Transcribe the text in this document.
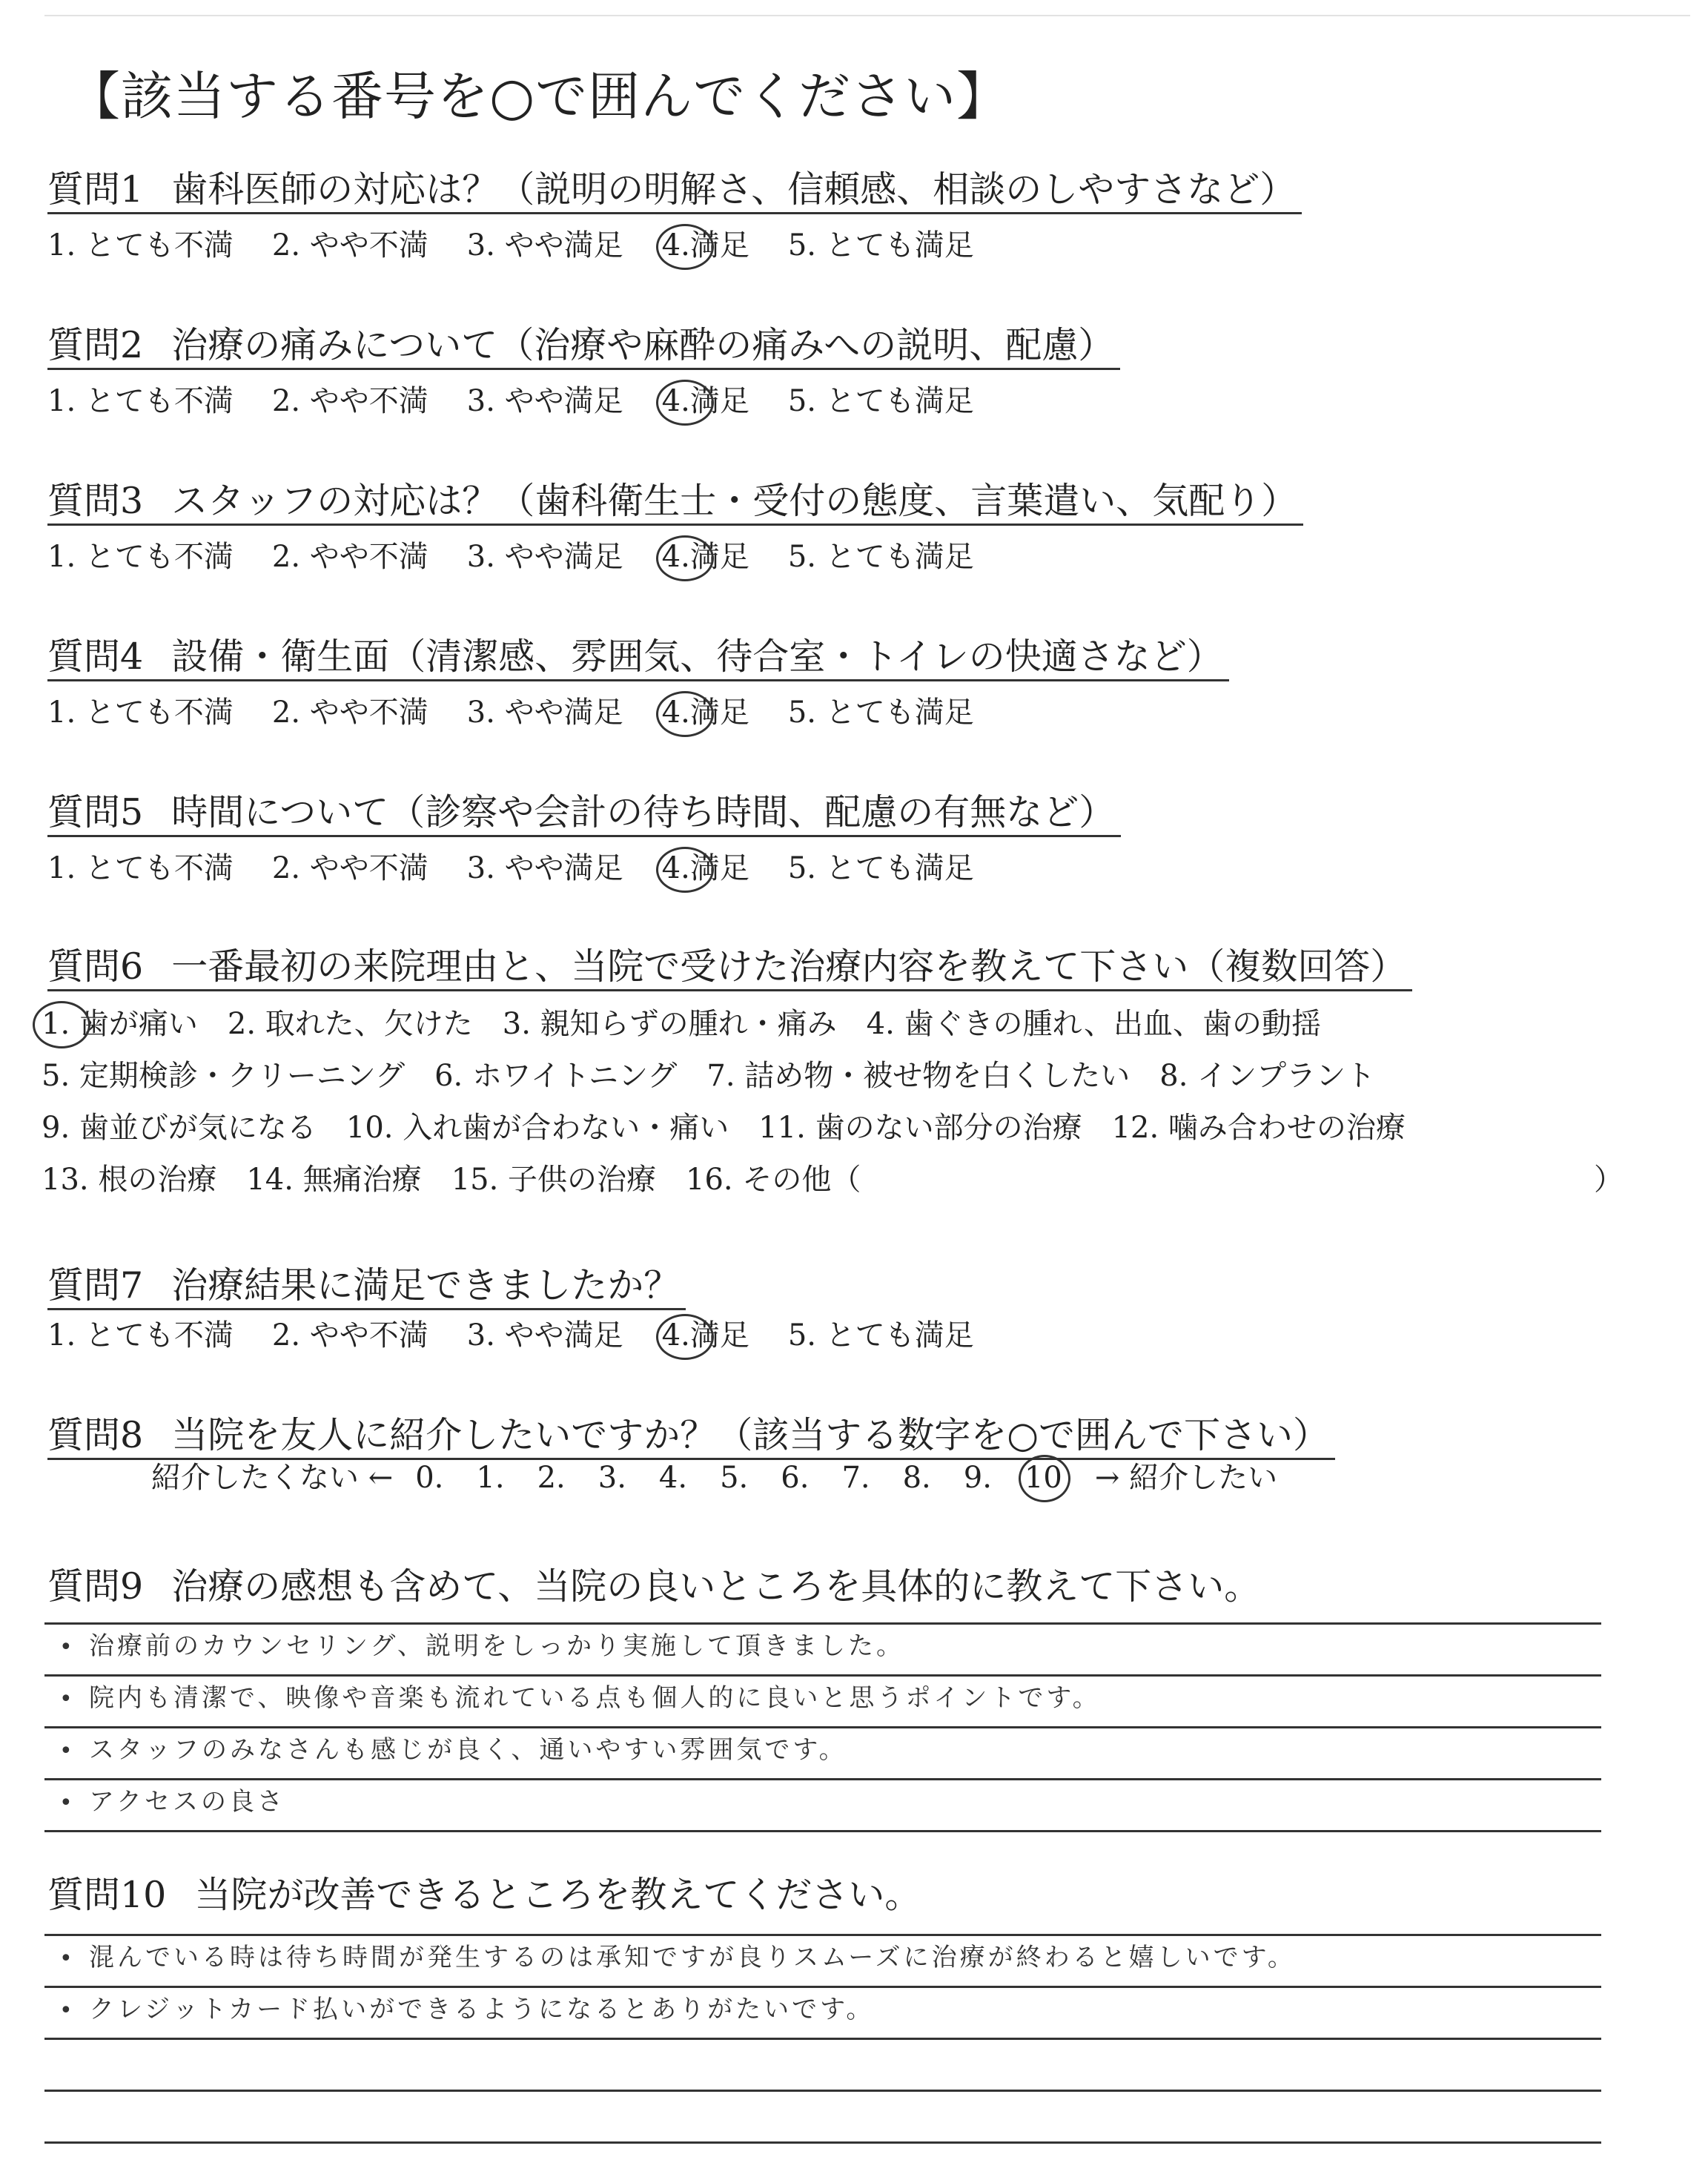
【該当する番号を○で囲んでください】
質問1 歯科医師の対応は？（説明の明解さ、信頼感、相談のしやすさなど）
1. とても不満 2. やや不満 3. やや満足 4.満足 5. とても満足
質問2 治療の痛みについて（治療や麻酔の痛みへの説明、配慮）
1. とても不満 2. やや不満 3. やや満足 4.満足 5. とても満足
質問3 スタッフの対応は？（歯科衛生士・受付の態度、言葉遣い、気配り）
1. とても不満 2. やや不満 3. やや満足 4.満足 5. とても満足
質問4 設備・衛生面（清潔感、雰囲気、待合室・トイレの快適さなど）
1. とても不満 2. やや不満 3. やや満足 4.満足 5. とても満足
質問5 時間について（診察や会計の待ち時間、配慮の有無など）
1. とても不満 2. やや不満 3. やや満足 4.満足 5. とても満足
質問6 一番最初の来院理由と、当院で受けた治療内容を教えて下さい（複数回答）
1. 歯が痛い 2. 取れた、欠けた 3. 親知らずの腫れ・痛み 4. 歯ぐきの腫れ、出血、歯の動揺
5. 定期検診・クリーニング 6. ホワイトニング 7. 詰め物・被せ物を白くしたい 8. インプラント
9. 歯並びが気になる 10. 入れ歯が合わない・痛い 11. 歯のない部分の治療 12. 噛み合わせの治療
13. 根の治療 14. 無痛治療 15. 子供の治療 16. その他（	）
質問7 治療結果に満足できましたか？
1. とても不満 2. やや不満 3. やや満足 4.満足 5. とても満足
質問8 当院を友人に紹介したいですか？（該当する数字を○で囲んで下さい）
紹介したくない ← 0. 1. 2. 3. 4. 5. 6. 7. 8. 9. 10 → 紹介したい
質問9 治療の感想も含めて、当院の良いところを具体的に教えて下さい。
• 治療前のカウンセリング、説明をしっかり実施して頂きました。
• 院内も清潔で、映像や音楽も流れている点も個人的に良いと思うポイントです。
• スタッフのみなさんも感じが良く、通いやすい雰囲気です。
• アクセスの良さ
質問10 当院が改善できるところを教えてください。
• 混んでいる時は待ち時間が発生するのは承知ですが良りスムーズに治療が終わると嬉しいです。
• クレジットカード払いができるようになるとありがたいです。
